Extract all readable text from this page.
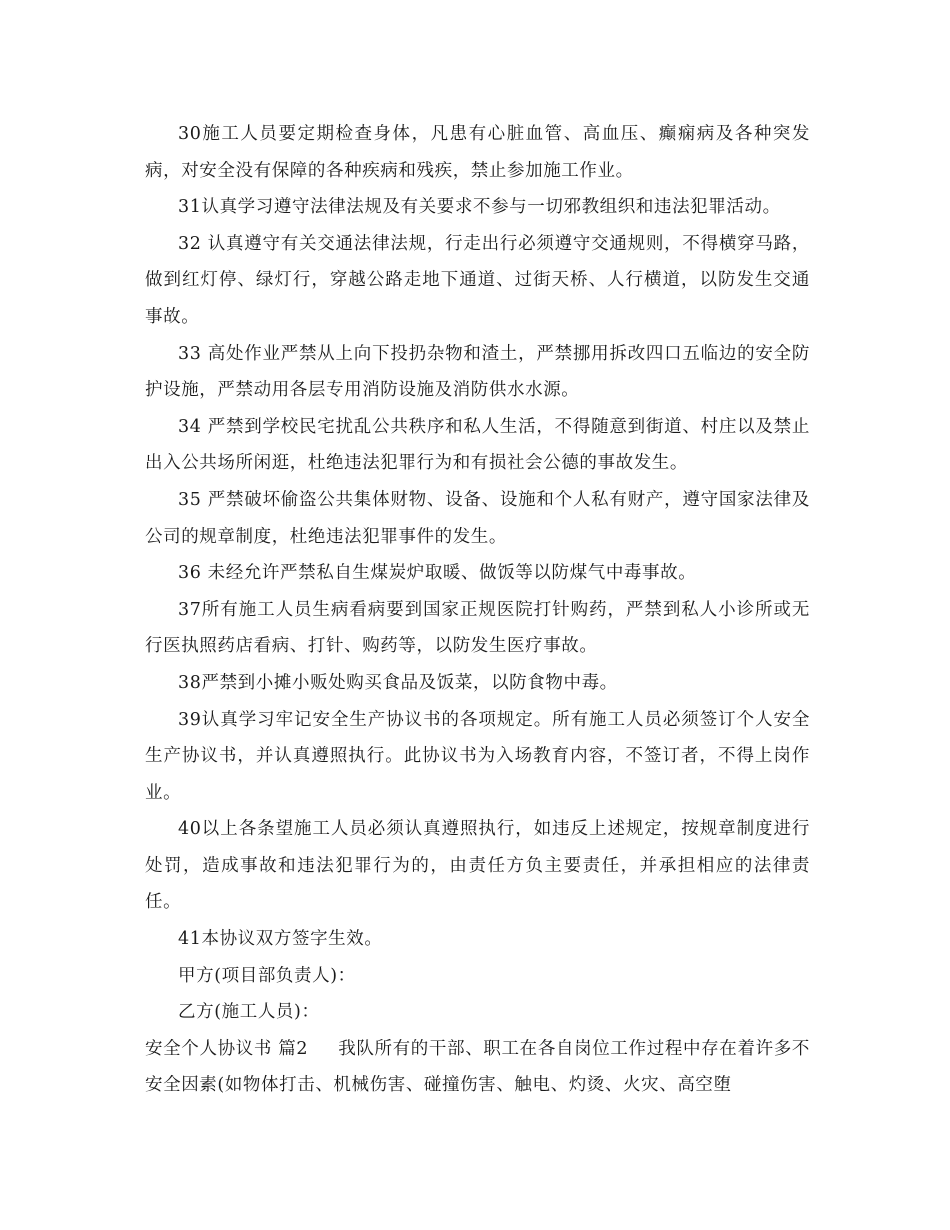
30施工人员要定期检查身体，凡患有心脏血管、高血压、癫痫病及各种突发病，对安全没有保障的各种疾病和残疾，禁止参加施工作业。

31认真学习遵守法律法规及有关要求不参与一切邪教组织和违法犯罪活动。

32 认真遵守有关交通法律法规，行走出行必须遵守交通规则，不得横穿马路，做到红灯停、绿灯行，穿越公路走地下通道、过街天桥、人行横道，以防发生交通事故。

33 高处作业严禁从上向下投扔杂物和渣土，严禁挪用拆改四口五临边的安全防护设施，严禁动用各层专用消防设施及消防供水水源。

34 严禁到学校民宅扰乱公共秩序和私人生活，不得随意到街道、村庄以及禁止出入公共场所闲逛，杜绝违法犯罪行为和有损社会公德的事故发生。

35 严禁破坏偷盗公共集体财物、设备、设施和个人私有财产，遵守国家法律及公司的规章制度，杜绝违法犯罪事件的发生。

36 未经允许严禁私自生煤炭炉取暖、做饭等以防煤气中毒事故。

37所有施工人员生病看病要到国家正规医院打针购药，严禁到私人小诊所或无行医执照药店看病、打针、购药等，以防发生医疗事故。

38严禁到小摊小贩处购买食品及饭菜，以防食物中毒。

39认真学习牢记安全生产协议书的各项规定。所有施工人员必须签订个人安全生产协议书，并认真遵照执行。此协议书为入场教育内容，不签订者，不得上岗作业。

40以上各条望施工人员必须认真遵照执行，如违反上述规定，按规章制度进行处罚，造成事故和违法犯罪行为的，由责任方负主要责任，并承担相应的法律责任。

41本协议双方签字生效。

甲方(项目部负责人)：

乙方(施工人员)：

安全个人协议书 篇2 我队所有的干部、职工在各自岗位工作过程中存在着许多不安全因素(如物体打击、机械伤害、碰撞伤害、触电、灼烫、火灾、高空堕
